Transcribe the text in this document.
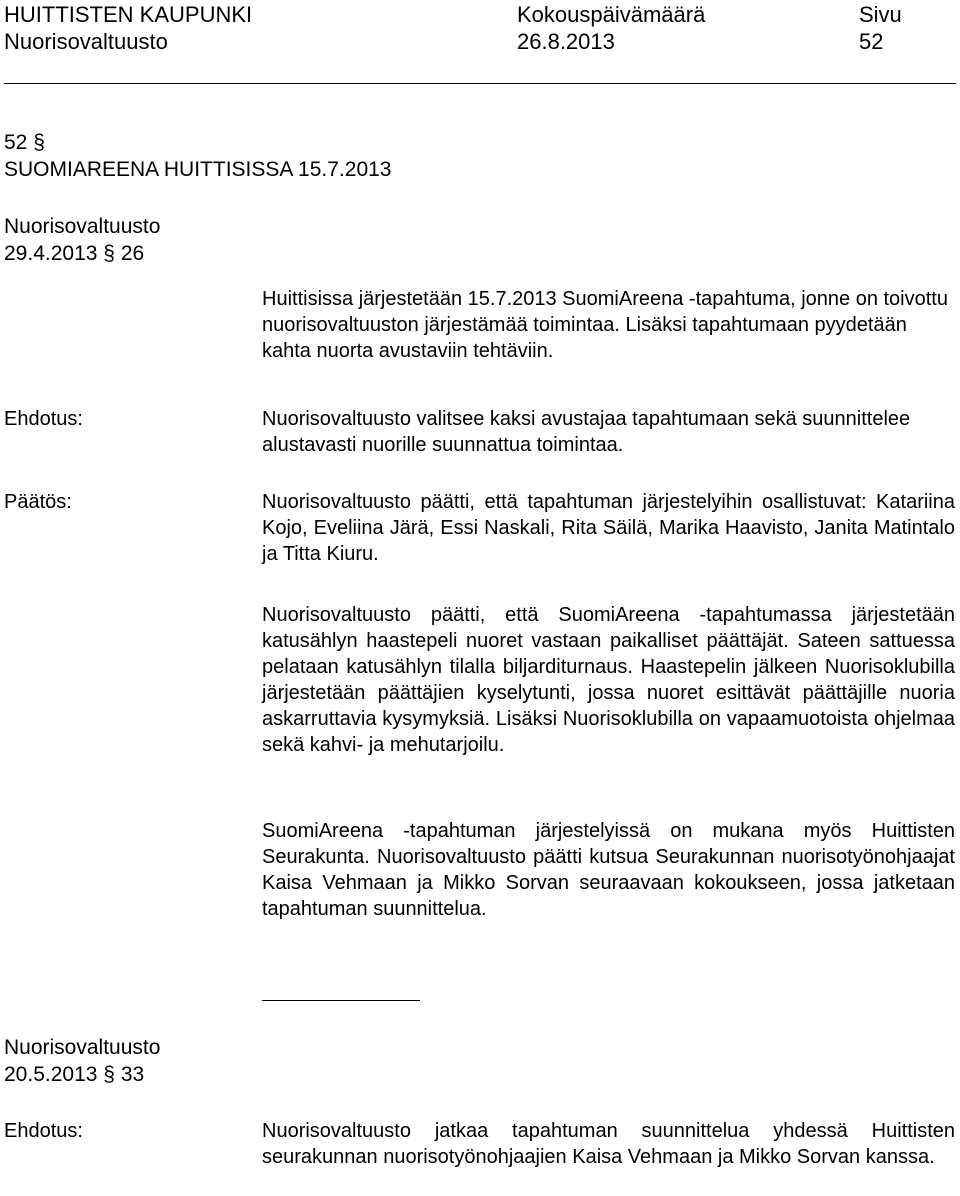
HUITTISTEN KAUPUNKI	Kokouspäivämäärä	Sivu
Nuorisovaltuusto	26.8.2013	52
52 §
SUOMIAREENA HUITTISISSA 15.7.2013
Nuorisovaltuusto
29.4.2013 § 26
Huittisissa järjestetään 15.7.2013 SuomiAreena -tapahtuma, jonne on toivottu nuorisovaltuuston järjestämää toimintaa. Lisäksi tapahtumaan pyydetään kahta nuorta avustaviin tehtäviin.
Ehdotus:	Nuorisovaltuusto valitsee kaksi avustajaa tapahtumaan sekä suunnittelee alustavasti nuorille suunnattua toimintaa.
Päätös:	Nuorisovaltuusto päätti, että tapahtuman järjestelyihin osallistuvat: Katariina Kojo, Eveliina Järä, Essi Naskali, Rita Säilä, Marika Haavisto, Janita Matintalo ja Titta Kiuru.
Nuorisovaltuusto päätti, että SuomiAreena -tapahtumassa järjestetään katusählyn haastepeli nuoret vastaan paikalliset päättäjät. Sateen sattuessa pelataan katusählyn tilalla biljarditurnaus. Haastepelin jälkeen Nuorisoklubilla järjestetään päättäjien kyselytunti, jossa nuoret esittävät päättäjille nuoria askarruttavia kysymyksiä. Lisäksi Nuorisoklubilla on vapaamuotoista ohjelmaa sekä kahvi- ja mehutarjoilu.
SuomiAreena -tapahtuman järjestelyissä on mukana myös Huittisten Seurakunta. Nuorisovaltuusto päätti kutsua Seurakunnan nuorisotyönohjaajat Kaisa Vehmaan ja Mikko Sorvan seuraavaan kokoukseen, jossa jatketaan tapahtuman suunnittelua.
Nuorisovaltuusto
20.5.2013 § 33
Ehdotus:	Nuorisovaltuusto jatkaa tapahtuman suunnittelua yhdessä Huittisten seurakunnan nuorisotyönohjaajien Kaisa Vehmaan ja Mikko Sorvan kanssa.
